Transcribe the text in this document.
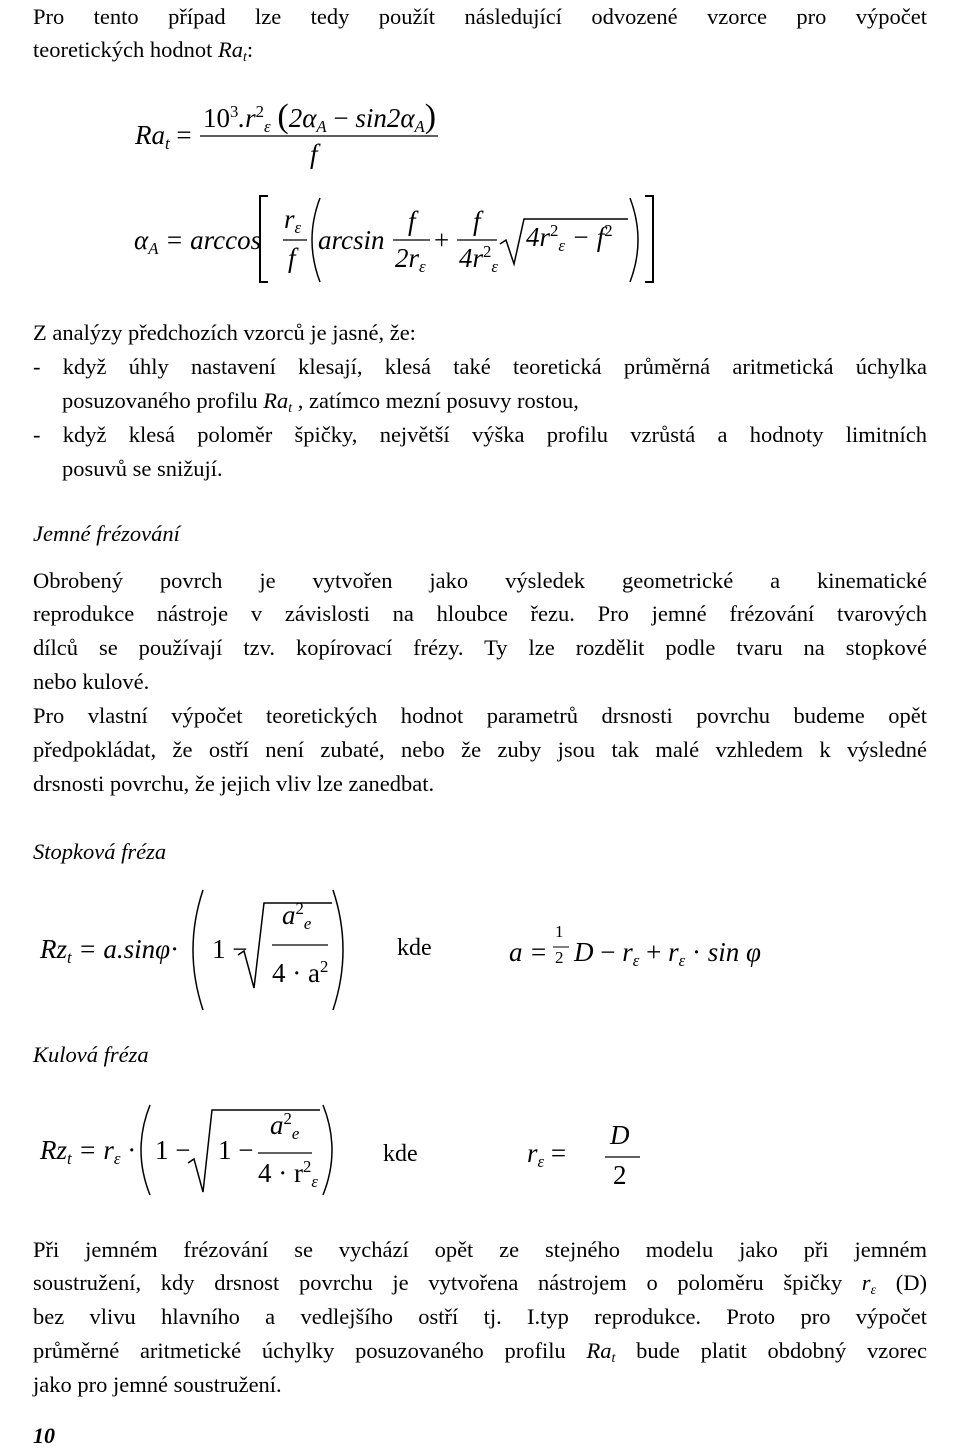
Pro tento případ lze tedy použít následující odvozené vzorce pro výpočet
teoretických hodnot $Ra_t$:
$Ra_t$ =
$10^3.r^2_\varepsilon$ $(2\alpha_A - \sin 2\alpha_A)$
f
$\alpha_A = \arccos$
$r_\varepsilon$
f
arcsin
f
$2r_\varepsilon$
+
f
$4r^2_\varepsilon$
$4r^2_\varepsilon - f^2$
Z analýzy předchozích vzorců je jasné, že:
- když úhly nastavení klesají, klesá také teoretická průměrná aritmetická úchylka
posuzovaného profilu $Ra_t$ , zatímco mezní posuvy rostou,
- když klesá poloměr špičky, největší výška profilu vzrůstá a hodnoty limitních
posuvů se snižují.
Jemné frézování
Obrobený povrch je vytvořen jako výsledek geometrické a kinematické
reprodukce nástroje v závislosti na hloubce řezu. Pro jemné frézování tvarových
dílců se používají tzv. kopírovací frézy. Ty lze rozdělit podle tvaru na stopkové
nebo kulové.
Pro vlastní výpočet teoretických hodnot parametrů drsnosti povrchu budeme opět
předpokládat, že ostří není zubaté, nebo že zuby jsou tak malé vzhledem k výsledné
drsnosti povrchu, že jejich vliv lze zanedbat.
Stopková fréza
$Rz_t = a.\sin\varphi\cdot 1$ −
$a^2_e$
$4 \cdot a^2$
kde	a =
1
2 $D - r_\varepsilon + r_\varepsilon \cdot \sin \varphi$
Kulová fréza
$Rz_t = r_\varepsilon \cdot 1 - 1$ −
$a^2_e$
$4 \cdot r^2_\varepsilon$
kde	$r_\varepsilon$ =
D
2
Při jemném frézování se vychází opět ze stejného modelu jako při jemném
soustružení, kdy drsnost povrchu je vytvořena nástrojem o poloměru špičky $r_\varepsilon$ (D)
bez vlivu hlavního a vedlejšího ostří tj. I.typ reprodukce. Proto pro výpočet
průměrné aritmetické úchylky posuzovaného profilu $Ra_t$ bude platit obdobný vzorec
jako pro jemné soustružení.
10
